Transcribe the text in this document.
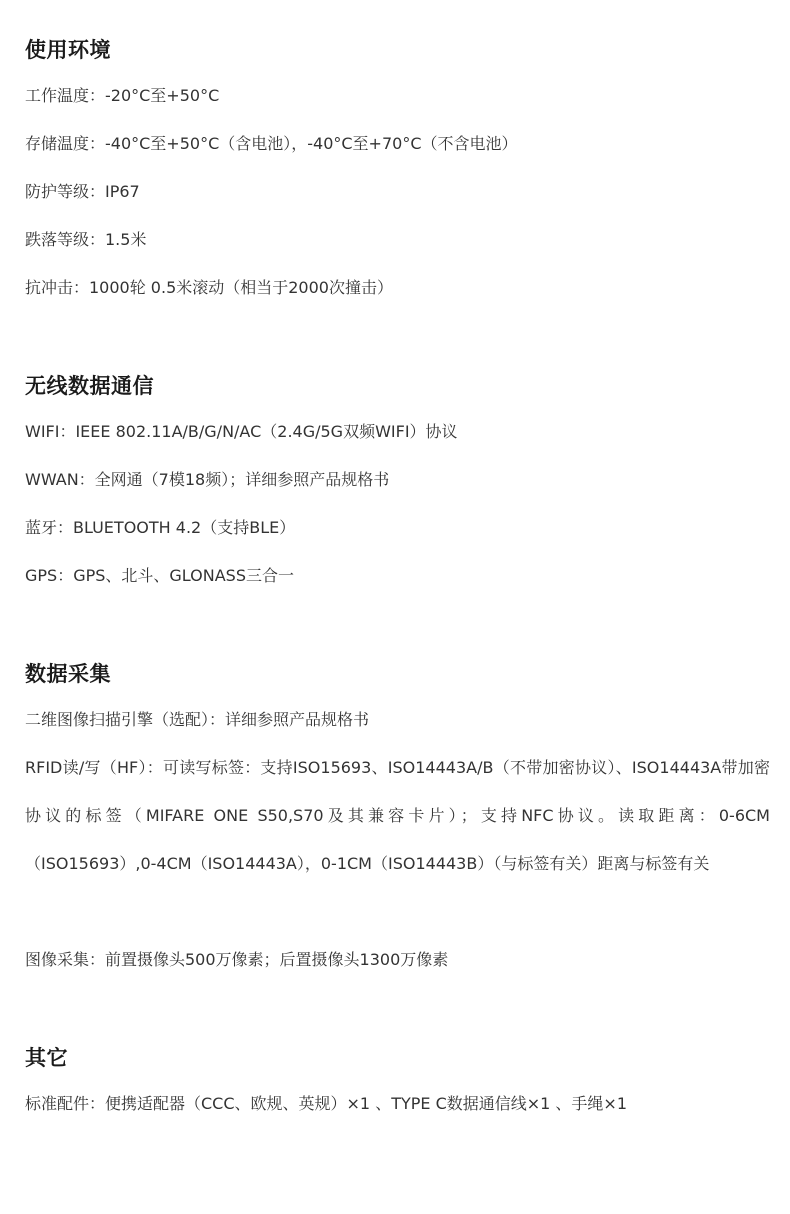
使用环境
工作温度：-20°C至+50°C
存储温度：-40°C至+50°C（含电池），-40°C至+70°C（不含电池）
防护等级：IP67
跌落等级：1.5米
抗冲击：1000轮 0.5米滚动（相当于2000次撞击）
无线数据通信
WIFI：IEEE 802.11A/B/G/N/AC（2.4G/5G双频WIFI）协议
WWAN：全网通（7模18频）；详细参照产品规格书
蓝牙：BLUETOOTH 4.2（支持BLE）
GPS：GPS、北斗、GLONASS三合一
数据采集
二维图像扫描引擎（选配）：详细参照产品规格书
RFID读/写（HF）：可读写标签：支持ISO15693、ISO14443A/B（不带加密协议）、ISO14443A带加密协议的标签（MIFARE ONE S50,S70及其兼容卡片）；支持NFC协议。读取距离：0-6CM （ISO15693）,0-4CM（ISO14443A），0-1CM（ISO14443B）（与标签有关）距离与标签有关
图像采集：前置摄像头500万像素；后置摄像头1300万像素
其它
标准配件：便携适配器（CCC、欧规、英规）×1 、TYPE C数据通信线×1 、手绳×1
